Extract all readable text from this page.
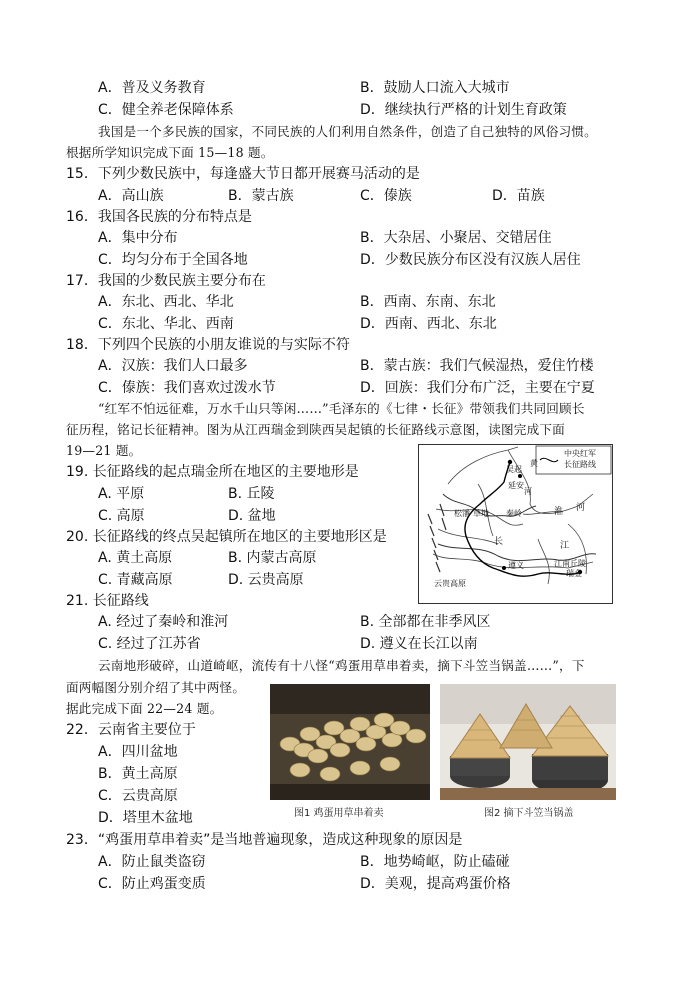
A．普及义务教育	B．鼓励人口流入大城市
C．健全养老保障体系	D．继续执行严格的计划生育政策
我国是一个多民族的国家，不同民族的人们利用自然条件，创造了自己独特的风俗习惯。
根据所学知识完成下面 15—18 题。
15．下列少数民族中，每逢盛大节日都开展赛马活动的是
A．高山族	B．蒙古族	C．傣族	D．苗族
16．我国各民族的分布特点是
A．集中分布	B．大杂居、小聚居、交错居住
C．均匀分布于全国各地	D．少数民族分布区没有汉族人居住
17．我国的少数民族主要分布在
A．东北、西北、华北	B．西南、东南、东北
C．东北、华北、西南	D．西南、西北、东北
18．下列四个民族的小朋友谁说的与实际不符
A．汉族：我们人口最多	B．蒙古族：我们气候湿热，爱住竹楼
C．傣族：我们喜欢过泼水节	D．回族：我们分布广泛，主要在宁夏
“红军不怕远征难，万水千山只等闲……”毛泽东的《七律・长征》带领我们共同回顾长
征历程，铭记长征精神。图为从江西瑞金到陕西吴起镇的长征路线示意图，读图完成下面
19—21 题。
19. 长征路线的起点瑞金所在地区的主要地形是
A. 平原	B. 丘陵
C. 高原	D. 盆地
20. 长征路线的终点吴起镇所在地区的主要地形区是
A. 黄土高原	B. 内蒙古高原
C. 青藏高原	D. 云贵高原
21. 长征路线
A. 经过了秦岭和淮河	B. 全部都在非季风区
C. 经过了江苏省	D. 遵义在长江以南
中央红军
长征路线
吴起
延安
黄
河
淮 河
松潘 草地 秦岭
长	江
遵义	江南丘陵
瑞金
云贵高原
云南地形破碎，山道崎岖，流传有十八怪“鸡蛋用草串着卖，摘下斗笠当锅盖……”，下
面两幅图分别介绍了其中两怪。
据此完成下面 22—24 题。
图1 鸡蛋用草串着卖	图2 摘下斗笠当锅盖
22．云南省主要位于
A．四川盆地
B．黄土高原
C．云贵高原
D．塔里木盆地
23．“鸡蛋用草串着卖”是当地普遍现象，造成这种现象的原因是
A．防止鼠类盗窃	B．地势崎岖，防止磕碰
C．防止鸡蛋变质	D．美观，提高鸡蛋价格
